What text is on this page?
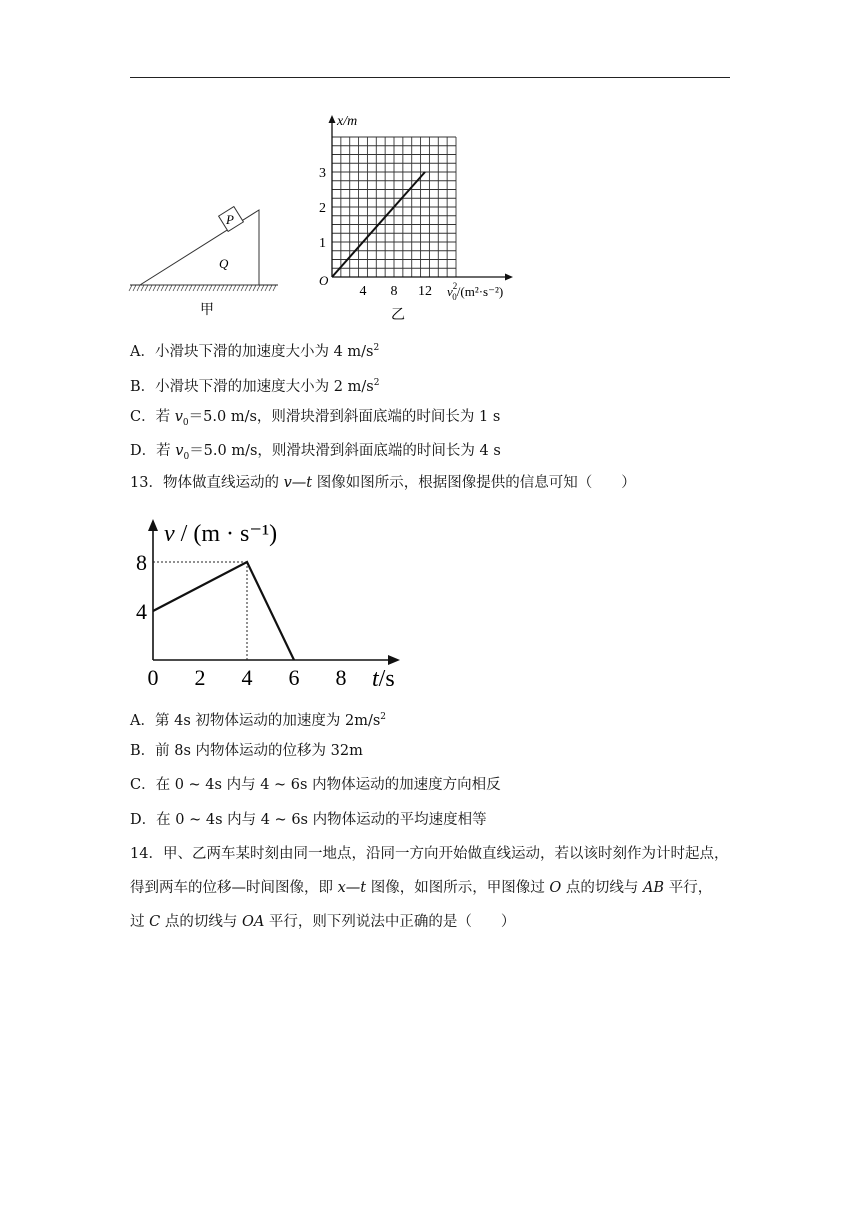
P
Q
甲
x/m
1
2
3
4 8 12
O
$v^2$ 0/(m²·s⁻²)
乙
A．小滑块下滑的加速度大小为 4 $m/s^2$
B．小滑块下滑的加速度大小为 2 $m/s^2$
C．若 $v_0=5.0$ m/s，则滑块滑到斜面底端的时间长为 1 s
D．若 $v_0=5.0$ m/s，则滑块滑到斜面底端的时间长为 4 s
13．物体做直线运动的 v—t 图像如图所示，根据图像提供的信息可知（　　）
v / (m · s⁻¹)
4
8
0 2 4 6 8 t/s
A．第 4s 初物体运动的加速度为 $2m/s^2$
B．前 8s 内物体运动的位移为 32m
C．在 0 ~ 4s 内与 4 ~ 6s 内物体运动的加速度方向相反
D．在 0 ~ 4s 内与 4 ~ 6s 内物体运动的平均速度相等
14．甲、乙两车某时刻由同一地点，沿同一方向开始做直线运动，若以该时刻作为计时起点，
得到两车的位移—时间图像，即 x—t 图像，如图所示，甲图像过 O 点的切线与 AB 平行，
过 C 点的切线与 OA 平行，则下列说法中正确的是（　　）
